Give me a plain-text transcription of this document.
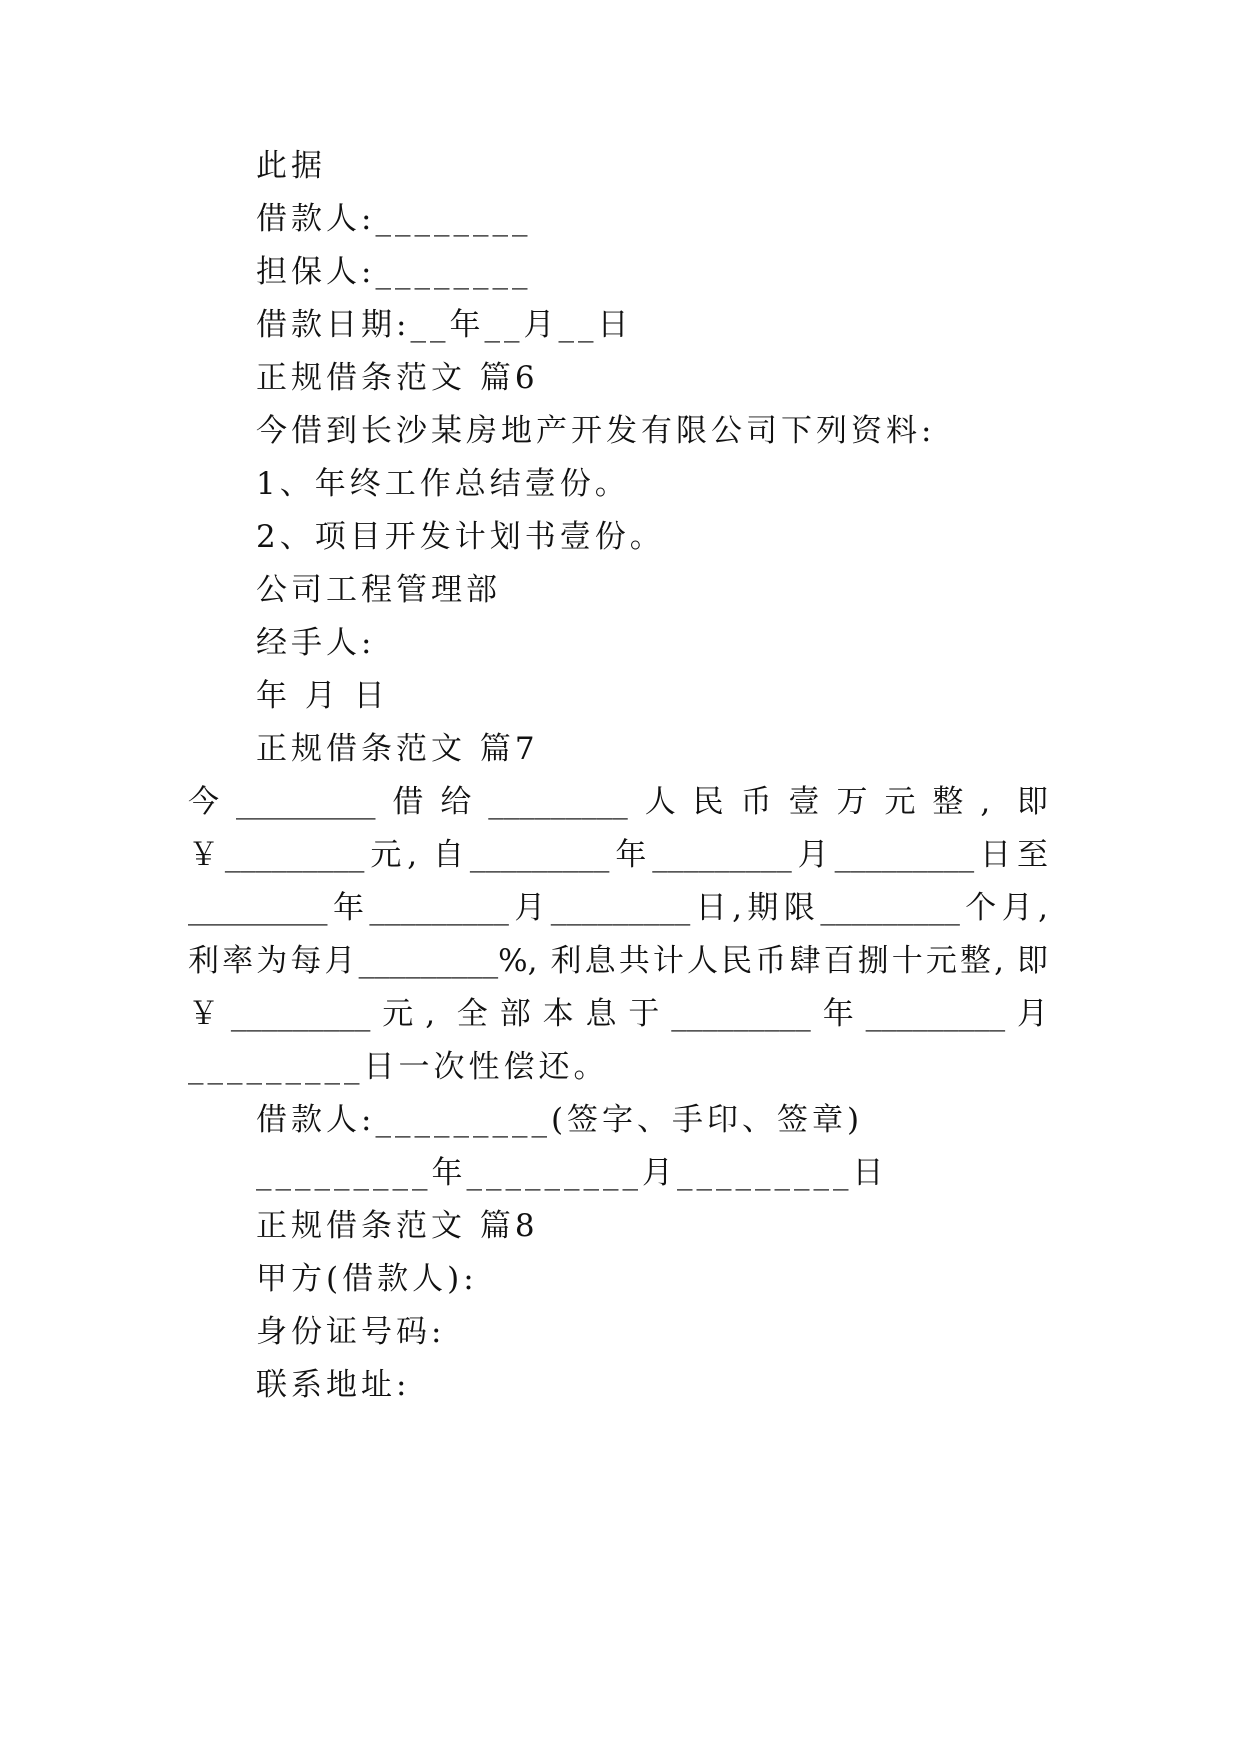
此据
借款人:________
担保人:________
借款日期:__年__月__日
正规借条范文 篇6
今借到长沙某房地产开发有限公司下列资料:
1、年终工作总结壹份。
2、项目开发计划书壹份。
公司工程管理部
经手人:
年 月 日
正规借条范文 篇7
今_________借给_________人民币壹万元整, 即
￥_________元, 自_________年_________月_________日至
_________年_________月_________日,期限_________个月,
利率为每月_________%, 利息共计人民币肆百捌十元整, 即
￥_________元, 全部本息于_________年_________月
_________日一次性偿还。
借款人:_________(签字、手印、签章)
_________年_________月_________日
正规借条范文 篇8
甲方(借款人):
身份证号码:
联系地址:
